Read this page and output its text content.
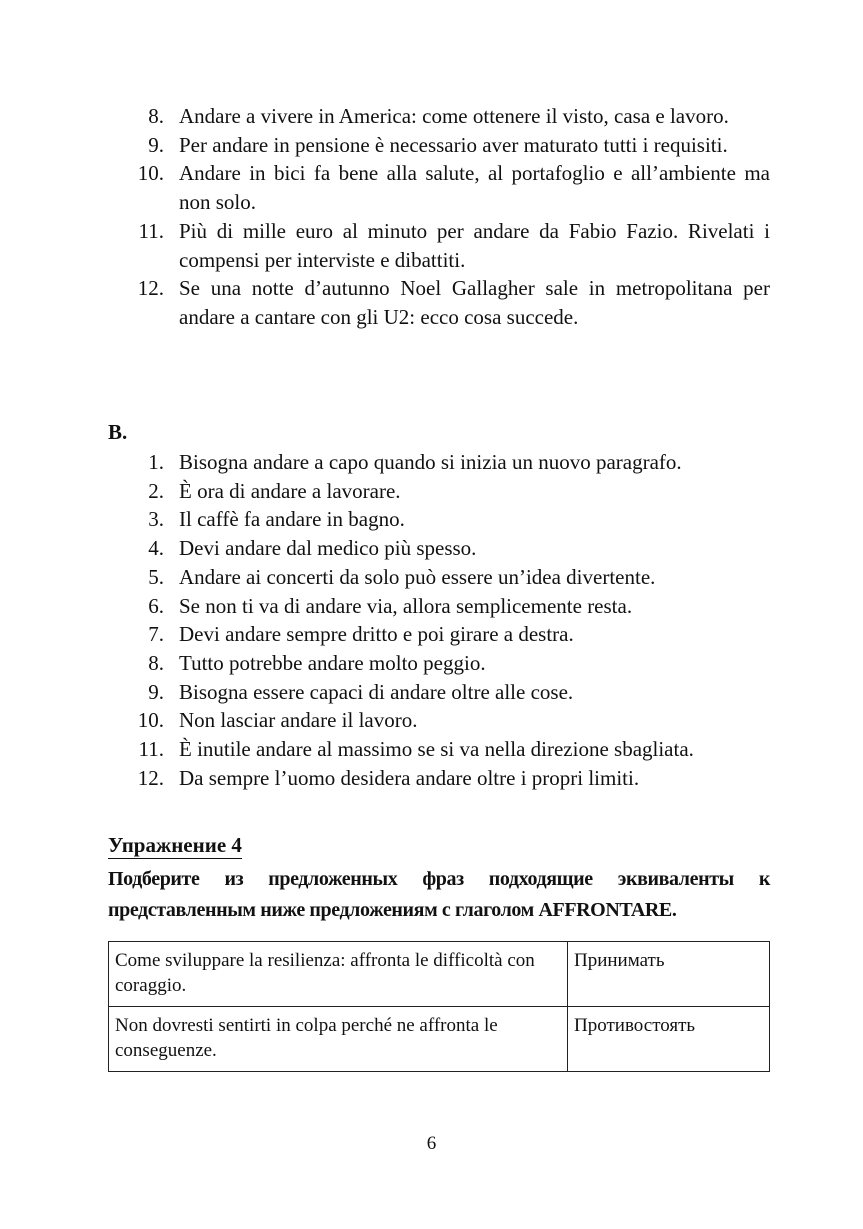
8. Andare a vivere in America: come ottenere il visto, casa e lavoro.
9. Per andare in pensione è necessario aver maturato tutti i requisiti.
10. Andare in bici fa bene alla salute, al portafoglio e all’ambiente ma non solo.
11. Più di mille euro al minuto per andare da Fabio Fazio. Rivelati i compensi per interviste e dibattiti.
12. Se una notte d’autunno Noel Gallagher sale in metropolitana per andare a cantare con gli U2: ecco cosa succede.
B.
1. Bisogna andare a capo quando si inizia un nuovo paragrafo.
2. È ora di andare a lavorare.
3. Il caffè fa andare in bagno.
4. Devi andare dal medico più spesso.
5. Andare ai concerti da solo può essere un’idea divertente.
6. Se non ti va di andare via, allora semplicemente resta.
7. Devi andare sempre dritto e poi girare a destra.
8. Tutto potrebbe andare molto peggio.
9. Bisogna essere capaci di andare oltre alle cose.
10. Non lasciar andare il lavoro.
11. È inutile andare al massimo se si va nella direzione sbagliata.
12. Da sempre l’uomo desidera andare oltre i propri limiti.
Упражнение 4
Подберите из предложенных фраз подходящие эквиваленты к представленным ниже предложениям с глаголом AFFRONTARE.
Come sviluppare la resilienza: affronta le difficoltà con coraggio.	Принимать
Non dovresti sentirti in colpa perché ne affronta le conseguenze.	Противостоять
6
